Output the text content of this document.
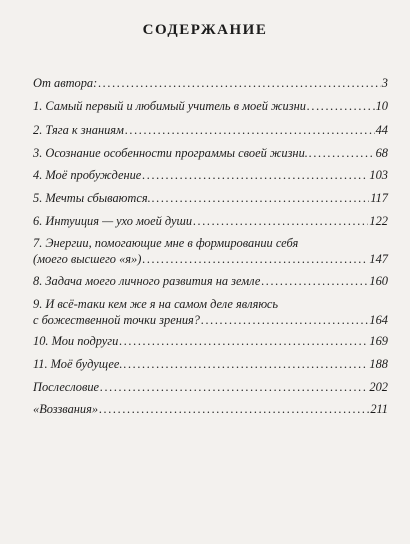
СОДЕРЖАНИЕ
От автора: .....	3
1. Самый первый и любимый учитель в моей жизни .....	10
2. Тяга к знаниям .....	44
3. Осознание особенности программы своей жизни. .....	68
4. Моё пробуждение .....	103
5. Мечты сбываются. .....	117
6. Интуиция — ухо моей души .....	122
7. Энергии, помогающие мне в формировании себя
(моего высшего «я») .....	147
8. Задача моего личного развития на земле .....	160
9. И всё-таки кем же я на самом деле являюсь
с божественной точки зрения? .....	164
10. Мои подруги .....	169
11. Моё будущее. .....	188
Послесловие .....	202
«Воззвания» .....	211
